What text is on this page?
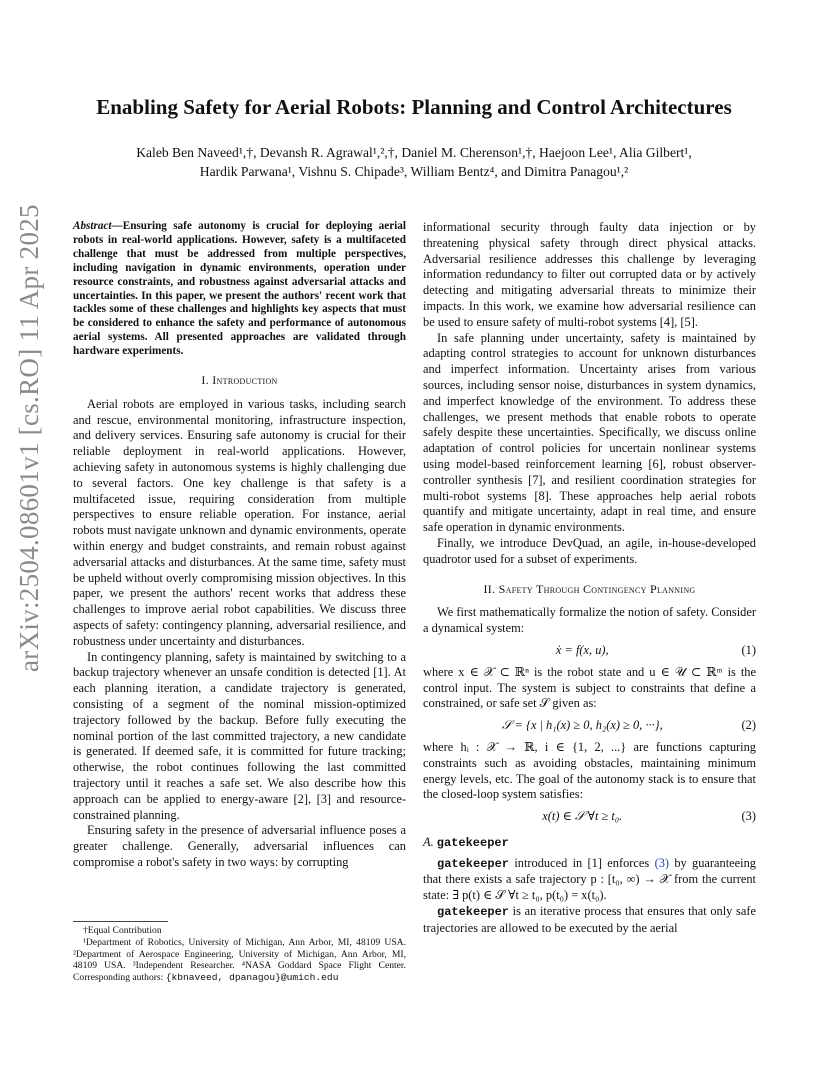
arXiv:2504.08601v1 [cs.RO] 11 Apr 2025
Enabling Safety for Aerial Robots: Planning and Control Architectures
Kaleb Ben Naveed¹,†, Devansh R. Agrawal¹,²,†, Daniel M. Cherenson¹,†, Haejoon Lee¹, Alia Gilbert¹,
Hardik Parwana¹, Vishnu S. Chipade³, William Bentz⁴, and Dimitra Panagou¹,²

Abstract—Ensuring safe autonomy is crucial for deploying aerial robots in real-world applications. However, safety is a multifaceted challenge that must be addressed from multiple perspectives, including navigation in dynamic environments, operation under resource constraints, and robustness against adversarial attacks and uncertainties. In this paper, we present the authors' recent work that tackles some of these challenges and highlights key aspects that must be considered to enhance the safety and performance of autonomous aerial systems. All presented approaches are validated through hardware experiments.

I. Introduction

Aerial robots are employed in various tasks, including search and rescue, environmental monitoring, infrastructure inspection, and delivery services. Ensuring safe autonomy is crucial for their reliable deployment in real-world applications. However, achieving safety in autonomous systems is highly challenging due to several factors. One key challenge is that safety is a multifaceted issue, requiring consideration from multiple perspectives to ensure reliable operation. For instance, aerial robots must navigate unknown and dynamic environments, operate within energy and budget constraints, and remain robust against adversarial attacks and disturbances. At the same time, safety must be upheld without overly compromising mission objectives. In this paper, we present the authors' recent works that address these challenges to improve aerial robot capabilities. We discuss three aspects of safety: contingency planning, adversarial resilience, and robustness under uncertainty and disturbances.

In contingency planning, safety is maintained by switching to a backup trajectory whenever an unsafe condition is detected [1]. At each planning iteration, a candidate trajectory is generated, consisting of a segment of the nominal mission-optimized trajectory followed by the backup. Before fully executing the nominal portion of the last committed trajectory, a new candidate is generated. If deemed safe, it is committed for future tracking; otherwise, the robot continues following the last committed trajectory until it reaches a safe set. We also describe how this approach can be applied to energy-aware [2], [3] and resource-constrained planning.

Ensuring safety in the presence of adversarial influence poses a greater challenge. Generally, adversarial influences can compromise a robot's safety in two ways: by corrupting

†Equal Contribution
¹Department of Robotics, University of Michigan, Ann Arbor, MI, 48109 USA. ²Department of Aerospace Engineering, University of Michigan, Ann Arbor, MI, 48109 USA. ³Independent Researcher. ⁴NASA Goddard Space Flight Center. Corresponding authors: {kbnaveed, dpanagou}@umich.edu

informational security through faulty data injection or by threatening physical safety through direct physical attacks. Adversarial resilience addresses this challenge by leveraging information redundancy to filter out corrupted data or by actively detecting and mitigating adversarial threats to minimize their impacts. In this work, we examine how adversarial resilience can be used to ensure safety of multi-robot systems [4], [5].

In safe planning under uncertainty, safety is maintained by adapting control strategies to account for unknown disturbances and imperfect information. Uncertainty arises from various sources, including sensor noise, disturbances in system dynamics, and imperfect knowledge of the environment. To address these challenges, we present methods that enable robots to operate safely despite these uncertainties. Specifically, we discuss online adaptation of control policies for uncertain nonlinear systems using model-based reinforcement learning [6], robust observer-controller synthesis [7], and resilient coordination strategies for multi-robot systems [8]. These approaches help aerial robots quantify and mitigate uncertainty, adapt in real time, and ensure safe operation in dynamic environments.

Finally, we introduce DevQuad, an agile, in-house-developed quadrotor used for a subset of experiments.

II. Safety Through Contingency Planning

We first mathematically formalize the notion of safety. Consider a dynamical system:

ẋ = f(x, u),	(1)

where x ∈ 𝒳 ⊂ ℝⁿ is the robot state and u ∈ 𝒰 ⊂ ℝᵐ is the control input. The system is subject to constraints that define a constrained, or safe set 𝒮 given as:

𝒮 = {x | h₁(x) ≥ 0, h₂(x) ≥ 0, ···},	(2)

where hᵢ : 𝒳 → ℝ, i ∈ {1, 2, ...} are functions capturing constraints such as avoiding obstacles, maintaining minimum energy levels, etc. The goal of the autonomy stack is to ensure that the closed-loop system satisfies:

x(t) ∈ 𝒮 ∀t ≥ t₀.	(3)
A. gatekeeper

gatekeeper introduced in [1] enforces (3) by guaranteeing that there exists a safe trajectory p : [t₀, ∞) → 𝒳 from the current state: ∃ p(t) ∈ 𝒮 ∀t ≥ t₀, p(t₀) = x(t₀).

gatekeeper is an iterative process that ensures that only safe trajectories are allowed to be executed by the aerial
